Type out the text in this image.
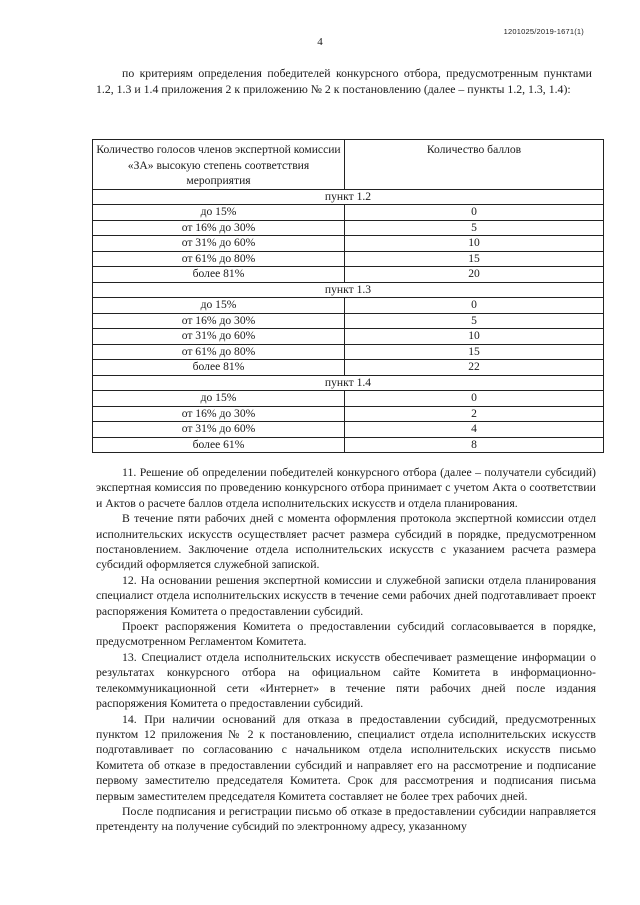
1201025/2019-1671(1)
4

по критериям определения победителей конкурсного отбора, предусмотренным пунктами 1.2, 1.3 и 1.4 приложения 2 к приложению № 2 к постановлению (далее – пункты 1.2, 1.3, 1.4):

Количество голосов членов экспертной комиссии «ЗА» высокую степень соответствия мероприятия	Количество баллов
пункт 1.2	
до 15%	0
от 16% до 30%	5
от 31% до 60%	10
от 61% до 80%	15
более 81%	20
пункт 1.3	
до 15%	0
от 16% до 30%	5
от 31% до 60%	10
от 61% до 80%	15
более 81%	22
пункт 1.4	
до 15%	0
от 16% до 30%	2
от 31% до 60%	4
более 61%	8

11. Решение об определении победителей конкурсного отбора (далее – получатели субсидий) экспертная комиссия по проведению конкурсного отбора принимает с учетом Акта о соответствии и Актов о расчете баллов отдела исполнительских искусств и отдела планирования.

В течение пяти рабочих дней с момента оформления протокола экспертной комиссии отдел исполнительских искусств осуществляет расчет размера субсидий в порядке, предусмотренном постановлением. Заключение отдела исполнительских искусств с указанием расчета размера субсидий оформляется служебной запиской.

12. На основании решения экспертной комиссии и служебной записки отдела планирования специалист отдела исполнительских искусств в течение семи рабочих дней подготавливает проект распоряжения Комитета о предоставлении субсидий.

Проект распоряжения Комитета о предоставлении субсидий согласовывается в порядке, предусмотренном Регламентом Комитета.

13. Специалист отдела исполнительских искусств обеспечивает размещение информации о результатах конкурсного отбора на официальном сайте Комитета в информационно-телекоммуникационной сети «Интернет» в течение пяти рабочих дней после издания распоряжения Комитета о предоставлении субсидий.

14. При наличии оснований для отказа в предоставлении субсидий, предусмотренных пунктом 12 приложения № 2 к постановлению, специалист отдела исполнительских искусств подготавливает по согласованию с начальником отдела исполнительских искусств письмо Комитета об отказе в предоставлении субсидий и направляет его на рассмотрение и подписание первому заместителю председателя Комитета. Срок для рассмотрения и подписания письма первым заместителем председателя Комитета составляет не более трех рабочих дней.

После подписания и регистрации письмо об отказе в предоставлении субсидии направляется претенденту на получение субсидий по электронному адресу, указанному
